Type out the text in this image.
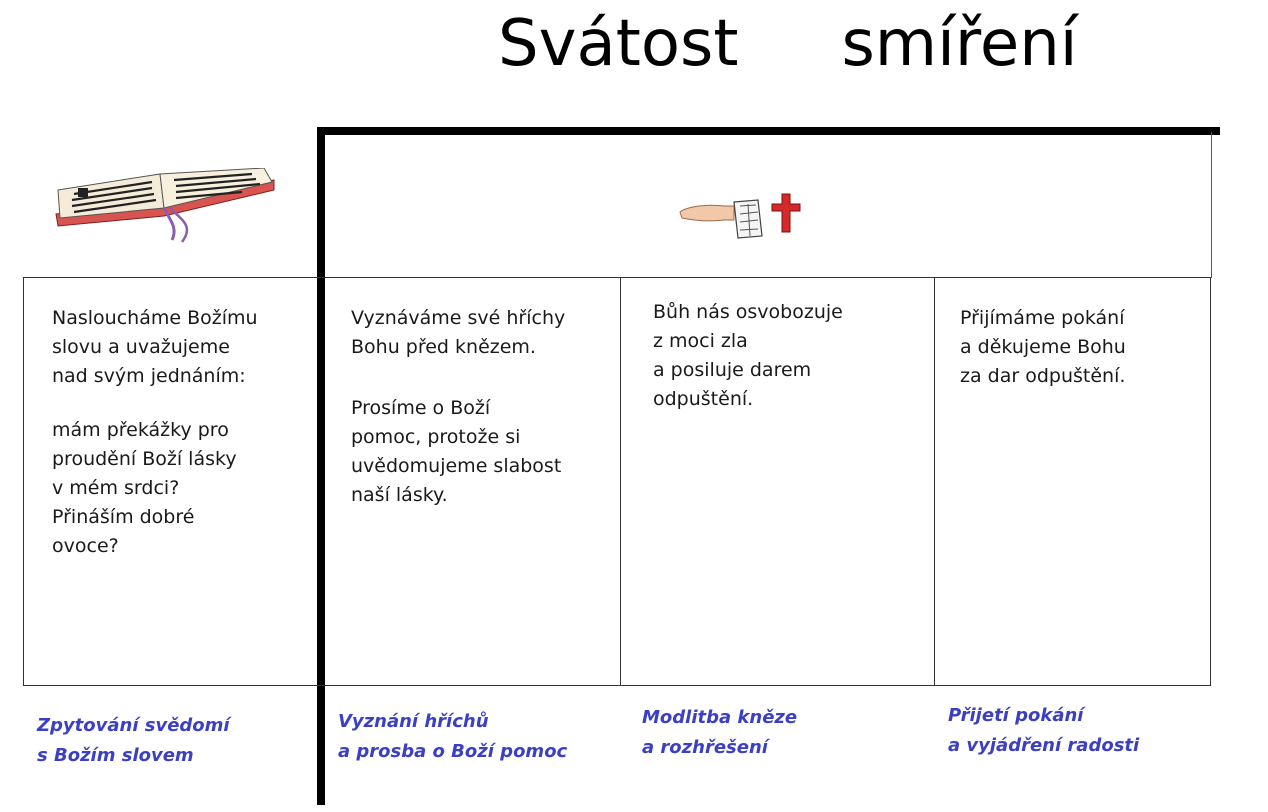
Svátost   smíření
Nasloucháme Božímu
slovu a uvažujeme
nad svým jednáním:
mám překážky pro
proudění Boží lásky
v mém srdci?
Přináším dobré
ovoce?
Vyznáváme své hříchy
Bohu před knězem.
Prosíme o Boží
pomoc, protože si
uvědomujeme slabost
naší lásky.
Bůh nás osvobozuje
z moci zla
a posiluje darem
odpuštění.
Přijímáme pokání
a děkujeme Bohu
za dar odpuštění.
Zpytování svědomí
s Božím slovem
Vyznání hříchů
a prosba o Boží pomoc
Modlitba kněze
a rozhřešení
Přijetí pokání
a vyjádření radosti
